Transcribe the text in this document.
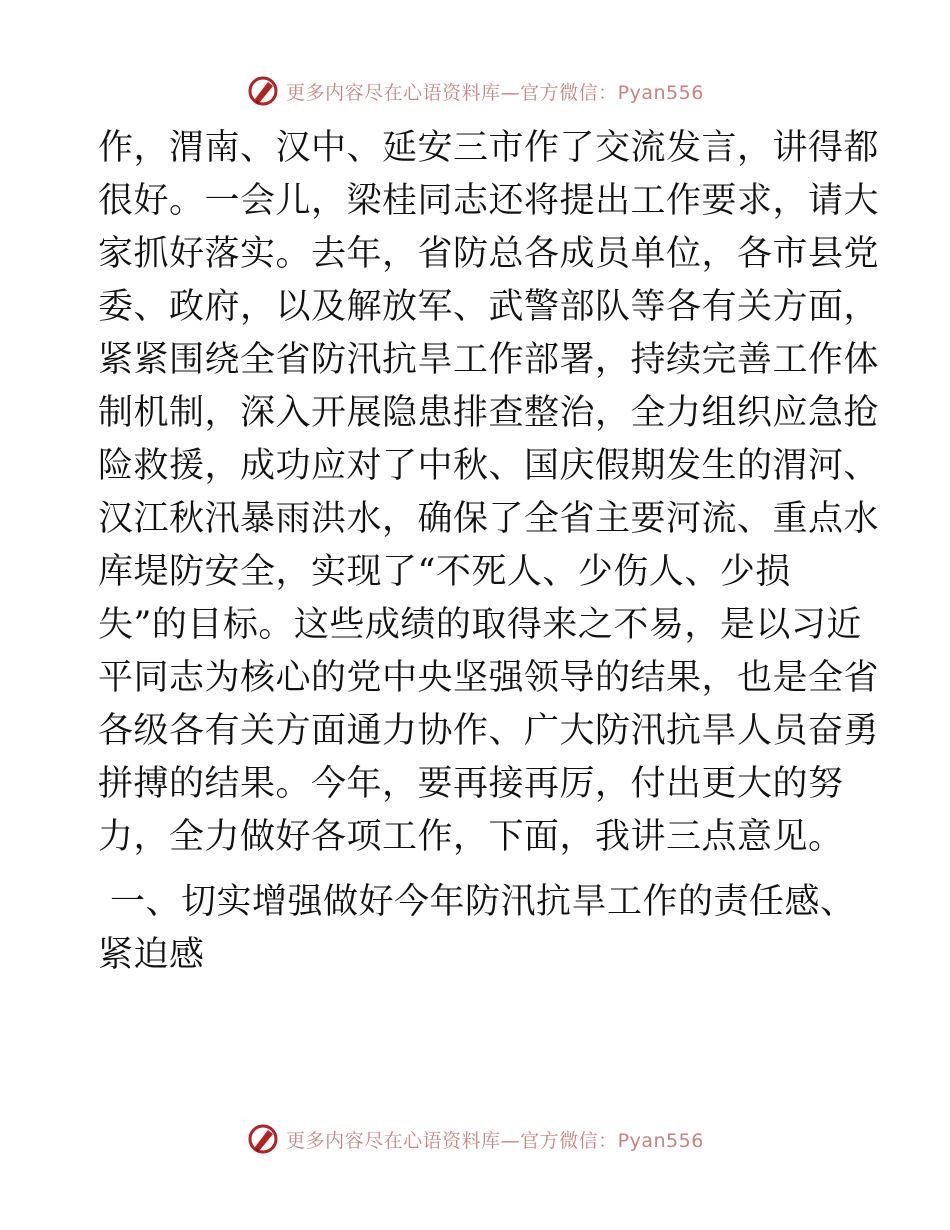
更多内容尽在心语资料库—官方微信：Pyan556
作，渭南、汉中、延安三市作了交流发言，讲得都
很好。一会儿，梁桂同志还将提出工作要求，请大
家抓好落实。去年，省防总各成员单位，各市县党
委、政府，以及解放军、武警部队等各有关方面，
紧紧围绕全省防汛抗旱工作部署，持续完善工作体
制机制，深入开展隐患排查整治，全力组织应急抢
险救援，成功应对了中秋、国庆假期发生的渭河、
汉江秋汛暴雨洪水，确保了全省主要河流、重点水
库堤防安全，实现了“不死人、少伤人、少损
失”的目标。这些成绩的取得来之不易，是以习近
平同志为核心的党中央坚强领导的结果，也是全省
各级各有关方面通力协作、广大防汛抗旱人员奋勇
拼搏的结果。今年，要再接再厉，付出更大的努
力，全力做好各项工作，下面，我讲三点意见。
一、切实增强做好今年防汛抗旱工作的责任感、
紧迫感
更多内容尽在心语资料库—官方微信：Pyan556
